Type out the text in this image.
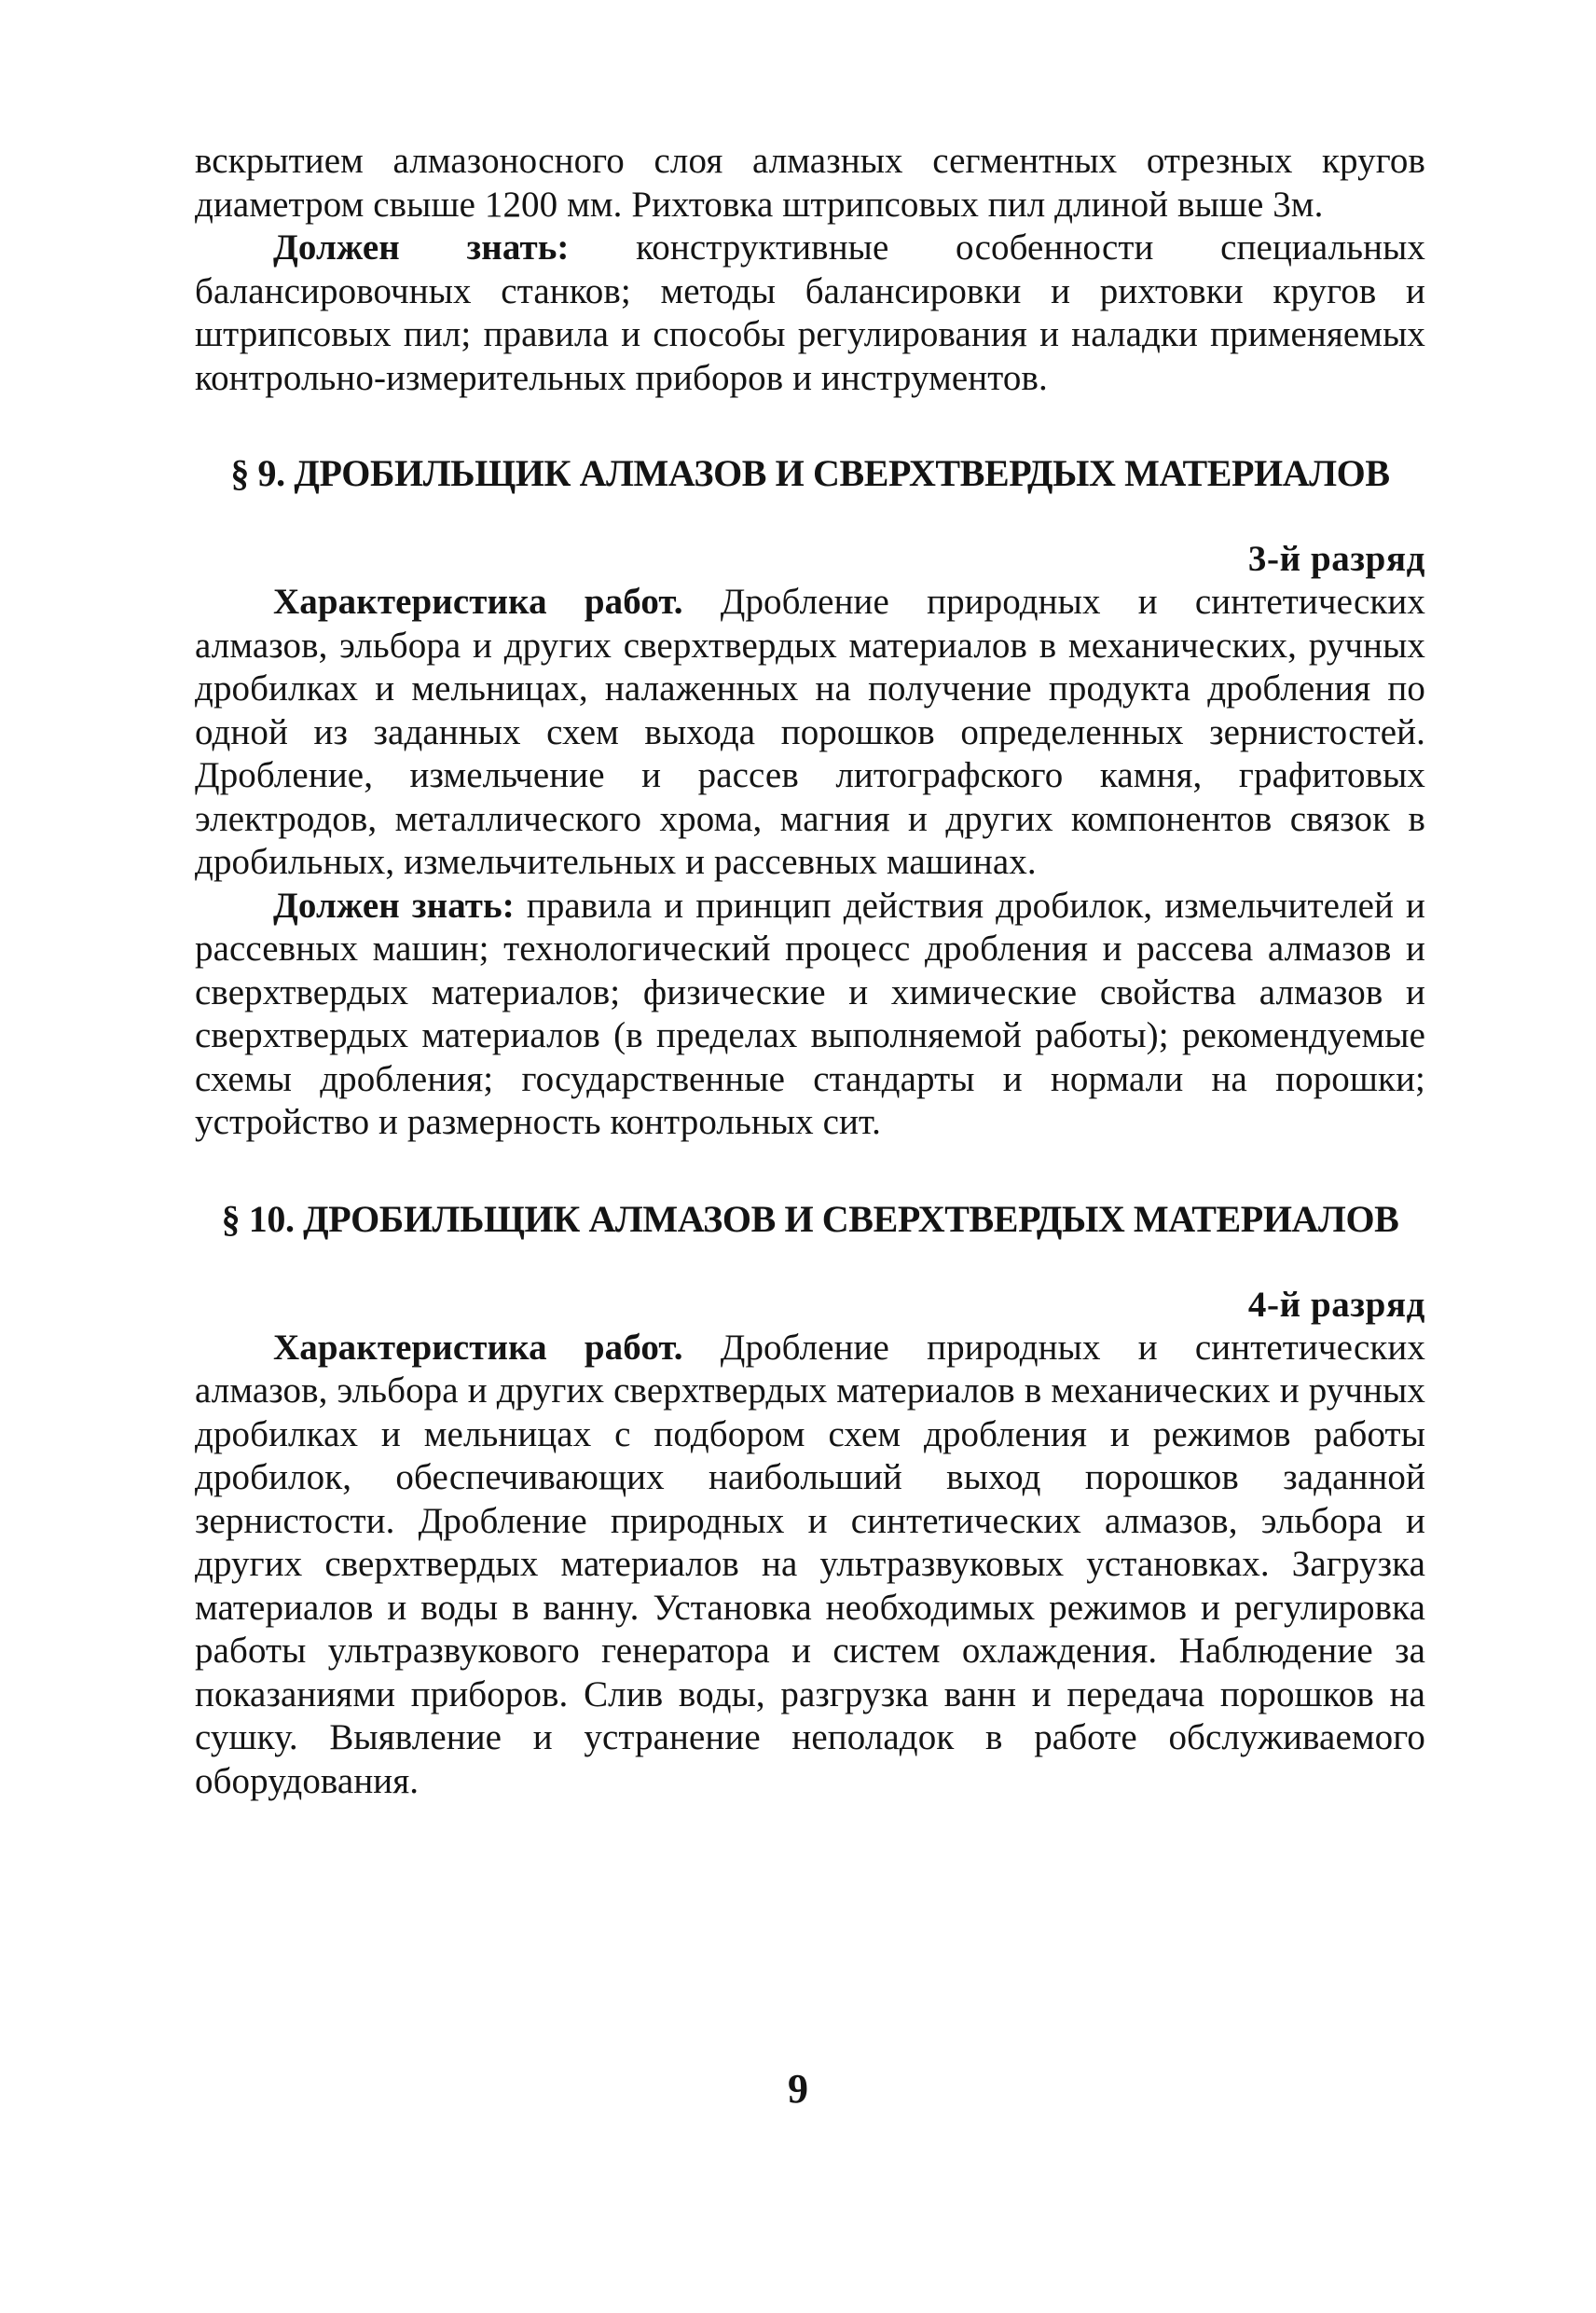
вскрытием алмазоносного слоя алмазных сегментных отрезных кругов диаметром свыше 1200 мм. Рихтовка штрипсовых пил длиной выше 3м.

Должен знать: конструктивные особенности специальных балансировочных станков; методы балансировки и рихтовки кругов и штрипсовых пил; правила и способы регулирования и наладки применяемых контрольно-измерительных приборов и инструментов.

§ 9. ДРОБИЛЬЩИК АЛМАЗОВ И СВЕРХТВЕРДЫХ МАТЕРИАЛОВ
3-й разряд

Характеристика работ. Дробление природных и синтетических алмазов, эльбора и других сверхтвердых материалов в механических, ручных дробилках и мельницах, налаженных на получение продукта дробления по одной из заданных схем выхода порошков определенных зернистостей. Дробление, измельчение и рассев литографского камня, графитовых электродов, металлического хрома, магния и других компонентов связок в дробильных, измельчительных и рассевных машинах.

Должен знать: правила и принцип действия дробилок, измельчителей и рассевных машин; технологический процесс дробления и рассева алмазов и сверхтвердых материалов; физические и химические свойства алмазов и сверхтвердых материалов (в пределах выполняемой работы); рекомендуемые схемы дробления; государственные стандарты и нормали на порошки; устройство и размерность контрольных сит.

§ 10. ДРОБИЛЬЩИК АЛМАЗОВ И СВЕРХТВЕРДЫХ МАТЕРИАЛОВ
4-й разряд

Характеристика работ. Дробление природных и синтетических алмазов, эльбора и других сверхтвердых материалов в механических и ручных дробилках и мельницах с подбором схем дробления и режимов работы дробилок, обеспечивающих наибольший выход порошков заданной зернистости. Дробление природных и синтетических алмазов, эльбора и других сверхтвердых материалов на ультразвуковых установках. Загрузка материалов и воды в ванну. Установка необходимых режимов и регулировка работы ультразвукового генератора и систем охлаждения. Наблюдение за показаниями приборов. Слив воды, разгрузка ванн и передача порошков на сушку. Выявление и устранение неполадок в работе обслуживаемого оборудования.

9
